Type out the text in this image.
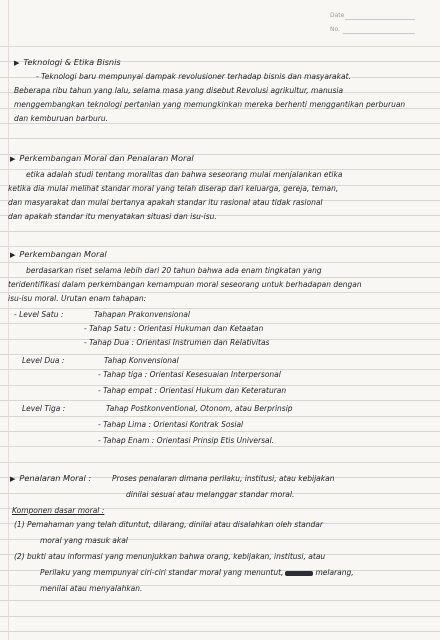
Date
No.
▶ Teknologi & Etika Bisnis
- Teknologi baru mempunyai dampak revolusioner terhadap bisnis dan masyarakat.
Beberapa ribu tahun yang lalu, selama masa yang disebut Revolusi agrikultur, manusia
menggembangkan teknologi pertanian yang memungkinkan mereka berhenti menggantikan perburuan
dan kemburuan barburu.
▶ Perkembangan Moral dan Penalaran Moral
etika adalah studi tentang moralitas dan bahwa seseorang mulai menjalankan etika
ketika dia mulai melihat standar moral yang telah diserap dari keluarga, gereja, teman,
dan masyarakat dan mulai bertanya apakah standar itu rasional atau tidak rasional
dan apakah standar itu menyatakan situasi dan isu-isu.
▶ Perkembangan Moral
berdasarkan riset selama lebih dari 20 tahun bahwa ada enam tingkatan yang
teridentifikasi dalam perkembangan kemampuan moral seseorang untuk berhadapan dengan
isu-isu moral. Urutan enam tahapan:
- Level Satu :	Tahapan Prakonvensional
- Tahap Satu : Orientasi Hukuman dan Ketaatan
- Tahap Dua : Orientasi Instrumen dan Relativitas
Level Dua :	Tahap Konvensional
- Tahap tiga : Orientasi Kesesuaian Interpersonal
- Tahap empat : Orientasi Hukum dan Keteraturan
Level Tiga :	Tahap Postkonventional, Otonom, atau Berprinsip
- Tahap Lima : Orientasi Kontrak Sosial
- Tahap Enam : Orientasi Prinsip Etis Universal.
▶ Penalaran Moral :	Proses penalaran dimana perilaku, institusi, atau kebijakan
dinilai sesuai atau melanggar standar moral.
Komponen dasar moral :
(1) Pemahaman yang telah dituntut, dilarang, dinilai atau disalahkan oleh standar
moral yang masuk akal
(2) bukti atau informasi yang menunjukkan bahwa orang, kebijakan, institusi, atau
Perilaku yang mempunyai ciri-ciri standar moral yang menuntut,	melarang,
menilai atau menyalahkan.
